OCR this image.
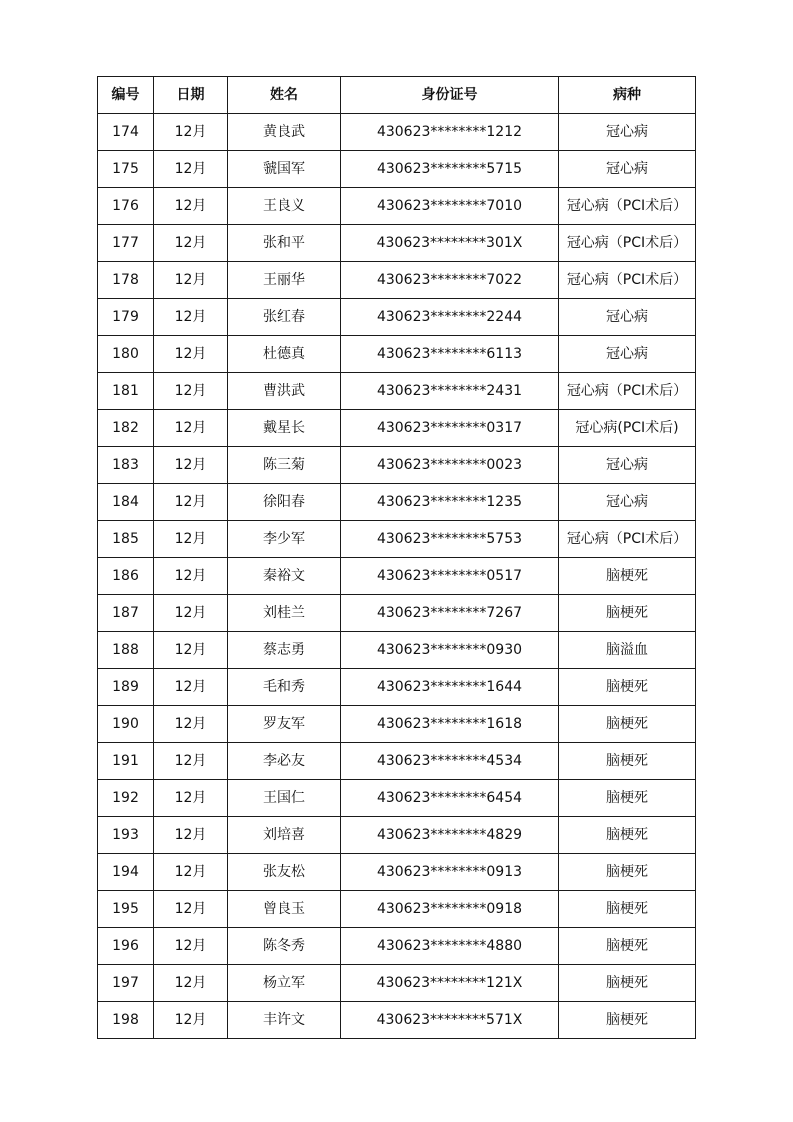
编号	日期	姓名	身份证号	病种
174	12月	黄良武	430623********1212	冠心病
175	12月	虢国军	430623********5715	冠心病
176	12月	王良义	430623********7010	冠心病（PCI术后）
177	12月	张和平	430623********301X	冠心病（PCI术后）
178	12月	王丽华	430623********7022	冠心病（PCI术后）
179	12月	张红春	430623********2244	冠心病
180	12月	杜德真	430623********6113	冠心病
181	12月	曹洪武	430623********2431	冠心病（PCI术后）
182	12月	戴星长	430623********0317	冠心病(PCI术后)
183	12月	陈三菊	430623********0023	冠心病
184	12月	徐阳春	430623********1235	冠心病
185	12月	李少军	430623********5753	冠心病（PCI术后）
186	12月	秦裕文	430623********0517	脑梗死
187	12月	刘桂兰	430623********7267	脑梗死
188	12月	蔡志勇	430623********0930	脑溢血
189	12月	毛和秀	430623********1644	脑梗死
190	12月	罗友军	430623********1618	脑梗死
191	12月	李必友	430623********4534	脑梗死
192	12月	王国仁	430623********6454	脑梗死
193	12月	刘培喜	430623********4829	脑梗死
194	12月	张友松	430623********0913	脑梗死
195	12月	曾良玉	430623********0918	脑梗死
196	12月	陈冬秀	430623********4880	脑梗死
197	12月	杨立军	430623********121X	脑梗死
198	12月	丰许文	430623********571X	脑梗死
